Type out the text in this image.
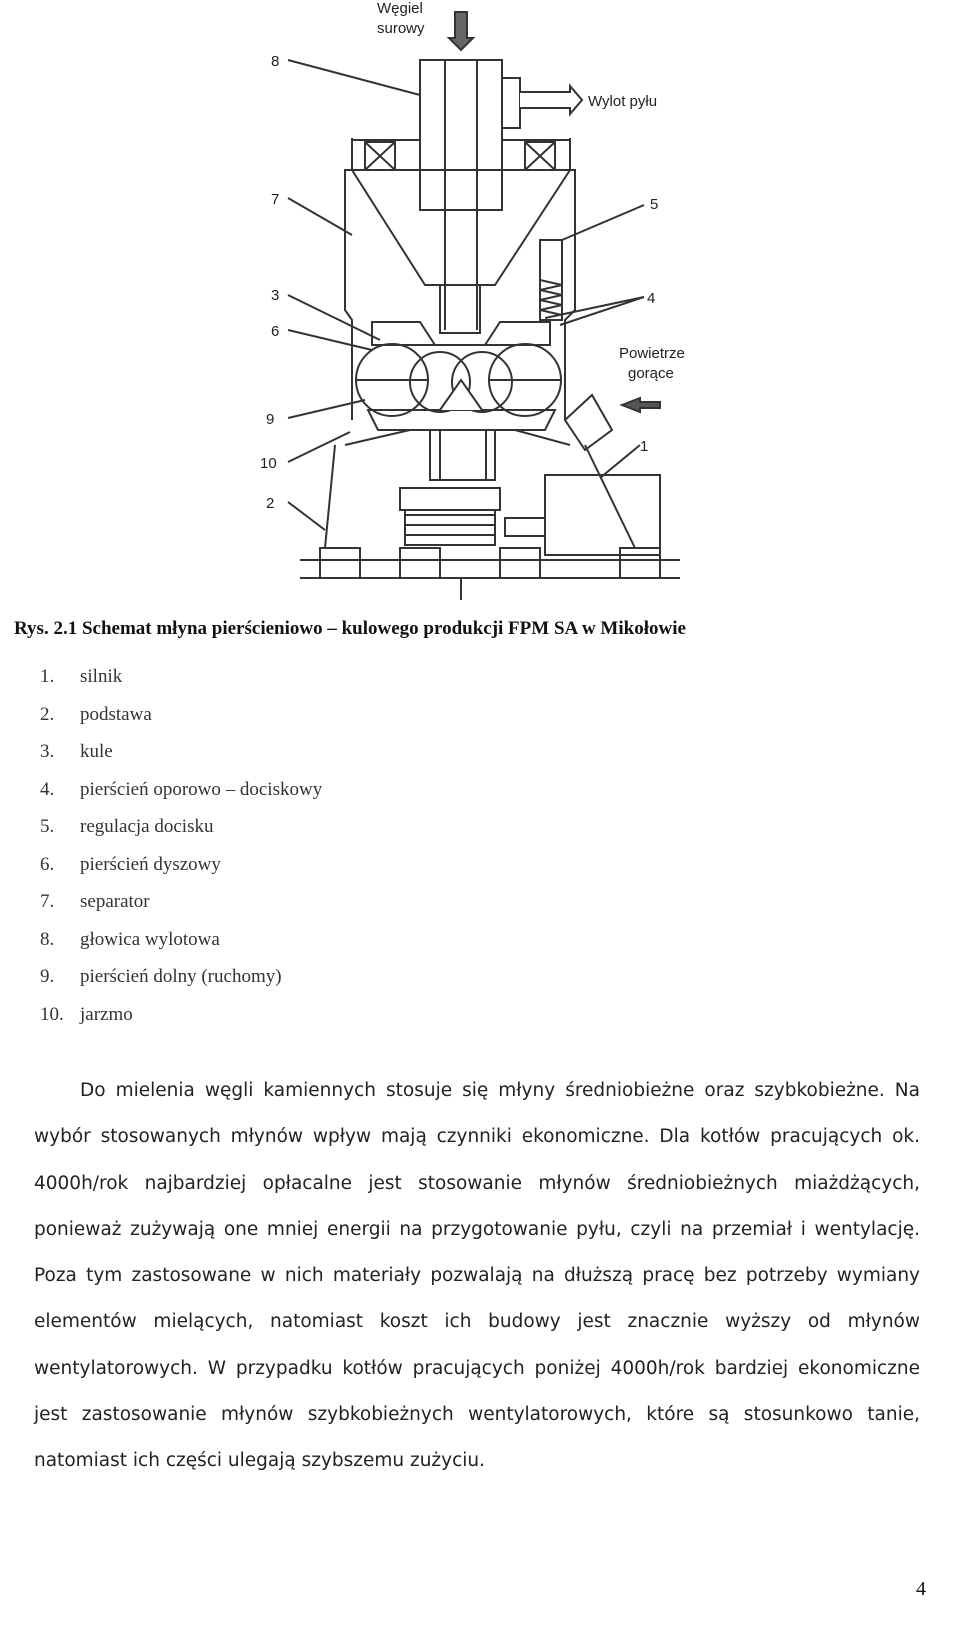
Węgiel
surowy
Wylot pyłu
Powietrze
gorące
8
7
3
6
9
10
2
5
4
1
Rys. 2.1 Schemat młyna pierścieniowo – kulowego produkcji FPM SA w Mikołowie
1. silnik
2. podstawa
3. kule
4. pierścień oporowo – dociskowy
5. regulacja docisku
6. pierścień dyszowy
7. separator
8. głowica wylotowa
9. pierścień dolny (ruchomy)
10. jarzmo

Do mielenia węgli kamiennych stosuje się młyny średniobieżne oraz szybkobieżne. Na wybór stosowanych młynów wpływ mają czynniki ekonomiczne. Dla kotłów pracujących ok. 4000h/rok najbardziej opłacalne jest stosowanie młynów średniobieżnych miażdżących, ponieważ zużywają one mniej energii na przygotowanie pyłu, czyli na przemiał i wentylację. Poza tym zastosowane w nich materiały pozwalają na dłuższą pracę bez potrzeby wymiany elementów mielących, natomiast koszt ich budowy jest znacznie wyższy od młynów wentylatorowych. W przypadku kotłów pracujących poniżej 4000h/rok bardziej ekonomiczne jest zastosowanie młynów szybkobieżnych wentylatorowych, które są stosunkowo tanie, natomiast ich części ulegają szybszemu zużyciu.

4
